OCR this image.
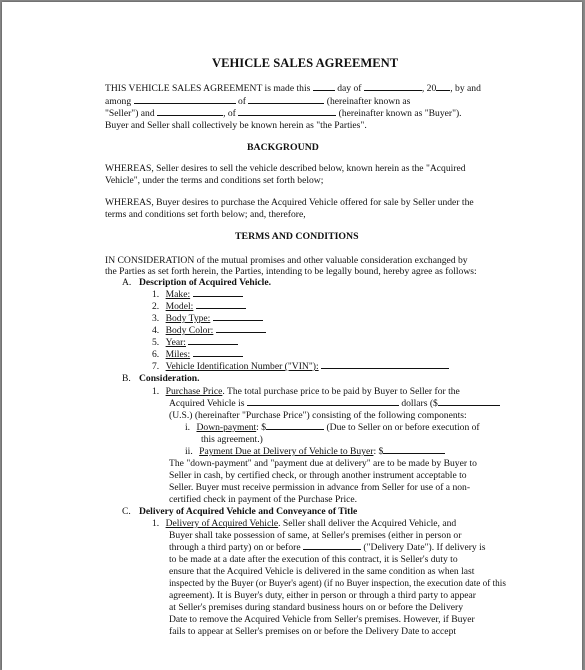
VEHICLE SALES AGREEMENT
THIS VEHICLE SALES AGREEMENT is made this	day of	, 20 , by and
among	of	(hereinafter known as
"Seller") and	, of	(hereinafter known as "Buyer").
Buyer and Seller shall collectively be known herein as "the Parties".
BACKGROUND
WHEREAS, Seller desires to sell the vehicle described below, known herein as the "Acquired
Vehicle", under the terms and conditions set forth below;
WHEREAS, Buyer desires to purchase the Acquired Vehicle offered for sale by Seller under the
terms and conditions set forth below; and, therefore,
TERMS AND CONDITIONS
IN CONSIDERATION of the mutual promises and other valuable consideration exchanged by
the Parties as set forth herein, the Parties, intending to be legally bound, hereby agree as follows:
A. Description of Acquired Vehicle.
1. Make:
2. Model:
3. Body Type:
4. Body Color:
5. Year:
6. Miles:
7. Vehicle Identification Number ("VIN"):
B. Consideration.
1. Purchase Price. The total purchase price to be paid by Buyer to Seller for the
Acquired Vehicle is	dollars ($
(U.S.) (hereinafter "Purchase Price") consisting of the following components:
i. Down-payment: $	(Due to Seller on or before execution of
this agreement.)
ii. Payment Due at Delivery of Vehicle to Buyer: $
The "down-payment" and "payment due at delivery" are to be made by Buyer to
Seller in cash, by certified check, or through another instrument acceptable to
Seller. Buyer must receive permission in advance from Seller for use of a non-
certified check in payment of the Purchase Price.
C. Delivery of Acquired Vehicle and Conveyance of Title
1. Delivery of Acquired Vehicle. Seller shall deliver the Acquired Vehicle, and
Buyer shall take possession of same, at Seller's premises (either in person or
through a third party) on or before	("Delivery Date"). If delivery is
to be made at a date after the execution of this contract, it is Seller's duty to
ensure that the Acquired Vehicle is delivered in the same condition as when last
inspected by the Buyer (or Buyer's agent) (if no Buyer inspection, the execution date of this
agreement). It is Buyer's duty, either in person or through a third party to appear
at Seller's premises during standard business hours on or before the Delivery
Date to remove the Acquired Vehicle from Seller's premises. However, if Buyer
fails to appear at Seller's premises on or before the Delivery Date to accept
